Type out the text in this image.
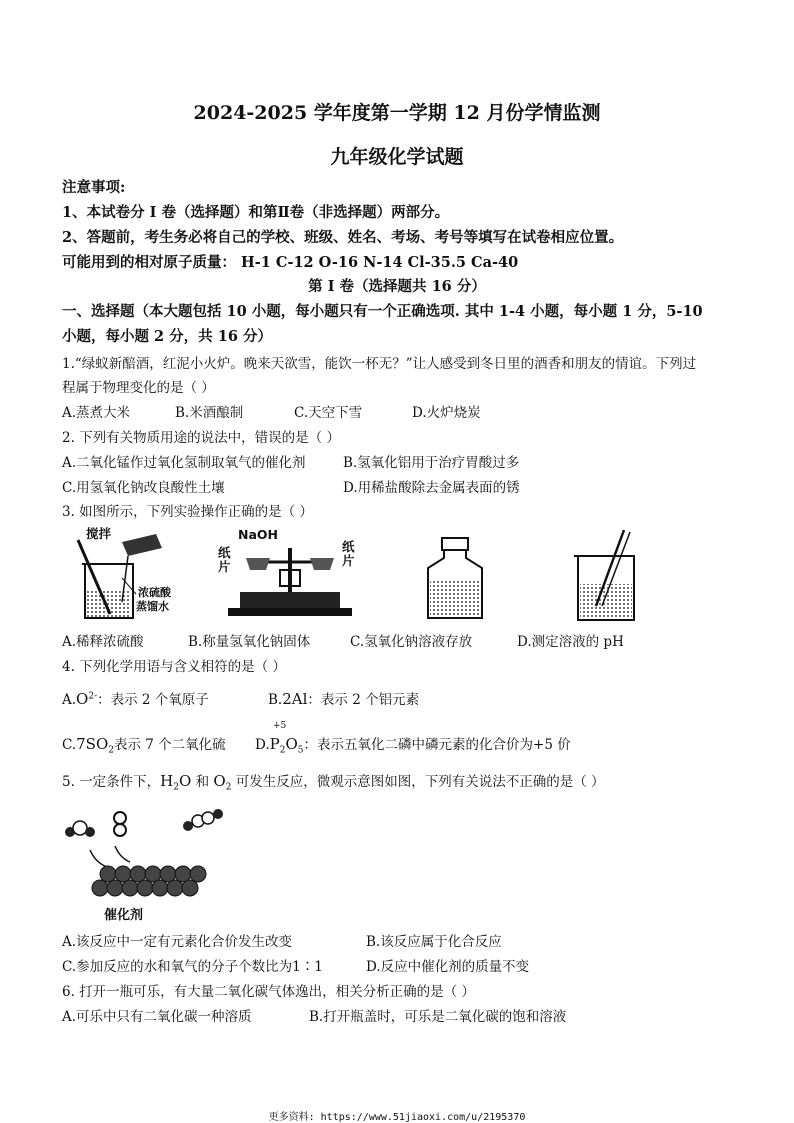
2024-2025 学年度第一学期 12 月份学情监测
九年级化学试题
注意事项:
1、本试卷分 I 卷（选择题）和第Ⅱ卷（非选择题）两部分。
2、答题前，考生务必将自己的学校、班级、姓名、考场、考号等填写在试卷相应位置。
可能用到的相对原子质量： H-1 C-12 O-16 N-14 Cl-35.5 Ca-40
第 I 卷（选择题共 16 分）
一、选择题（本大题包括 10 小题，每小题只有一个正确选项. 其中 1-4 小题，每小题 1 分，5-10
小题，每小题 2 分，共 16 分）
1.“绿蚁新醅酒，红泥小火炉。晚来天欲雪，能饮一杯无？”让人感受到冬日里的酒香和朋友的情谊。下列过
程属于物理变化的是（ ）
A.蒸煮大米	B.米酒酿制	C.天空下雪	D.火炉烧炭
2. 下列有关物质用途的说法中，错误的是（ ）
A.二氧化锰作过氧化氢制取氧气的催化剂	B.氢氧化铝用于治疗胃酸过多
C.用氢氧化钠改良酸性土壤	D.用稀盐酸除去金属表面的锈
3. 如图所示，下列实验操作正确的是（ ）
搅拌
浓硫酸
蒸馏水
NaOH
纸片
纸片
A.稀释浓硫酸	B.称量氢氧化钠固体	C.氢氧化钠溶液存放	D.测定溶液的 pH
4. 下列化学用语与含义相符的是（ ）
$A.O^{2-}$：表示 2 个氧原子	B.2Al：表示 2 个铝元素
$C.7SO_2$表示 7 个二氧化硫
+5
$D.P_2O_5$：表示五氧化二磷中磷元素的化合价为+5 价
5. 一定条件下，$H_2O$ 和 $O_2$ 可发生反应，微观示意图如图，下列有关说法不正确的是（ ）
催化剂
A.该反应中一定有元素化合价发生改变	B.该反应属于化合反应
C.参加反应的水和氧气的分子个数比为1∶1	D.反应中催化剂的质量不变
6. 打开一瓶可乐，有大量二氧化碳气体逸出，相关分析正确的是（ ）
A.可乐中只有二氧化碳一种溶质	B.打开瓶盖时，可乐是二氧化碳的饱和溶液
更多资料: https://www.51jiaoxi.com/u/2195370
